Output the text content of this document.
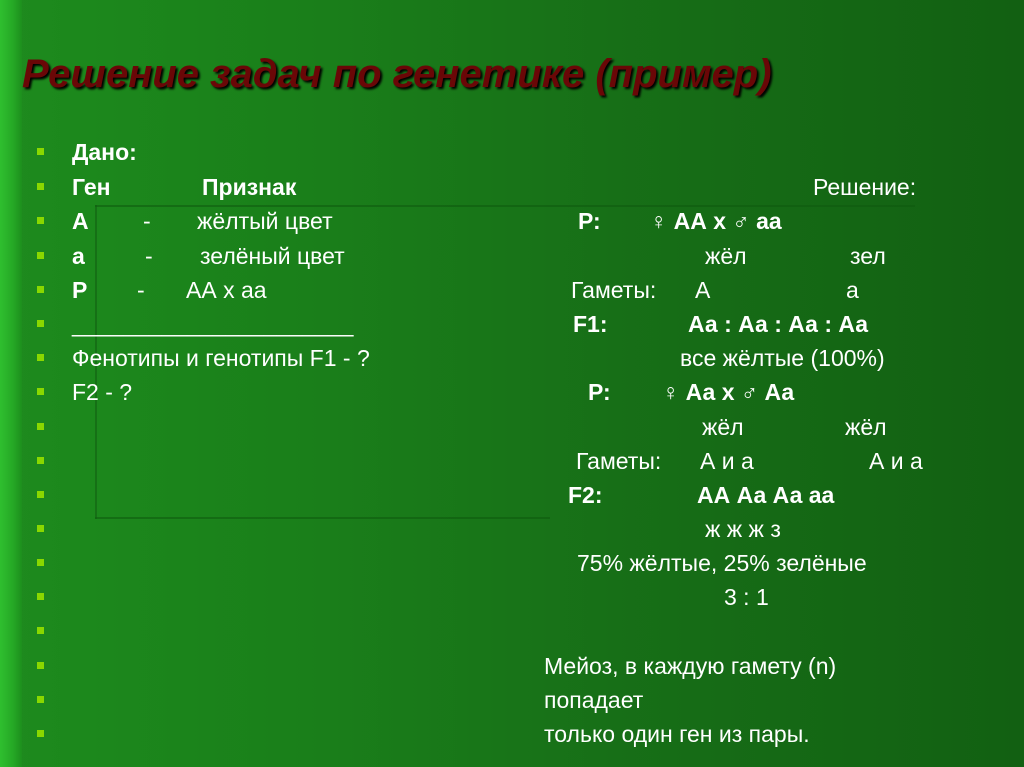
Решение задач по генетике (пример)
Дано:
Ген	Признак
A - жёлтый цвет
a	- зелёный цвет
P - АА х аа
______________________
Фенотипы и генотипы F1 - ?
F2 - ?
Решение:
Р: ♀ АА х ♂ аа
жёл	зел
Гаметы: А	а
F1:	Аа : Аа : Аа : Аа
все жёлтые (100%)
Р: ♀ Аа х ♂ Аа
жёл	жёл
Гаметы: А и а	А и а
F2:	АА Аа Аа аа
ж ж ж з
75% жёлтые, 25% зелёные
3 : 1
Мейоз, в каждую гамету (n)
попадает
только один ген из пары.
